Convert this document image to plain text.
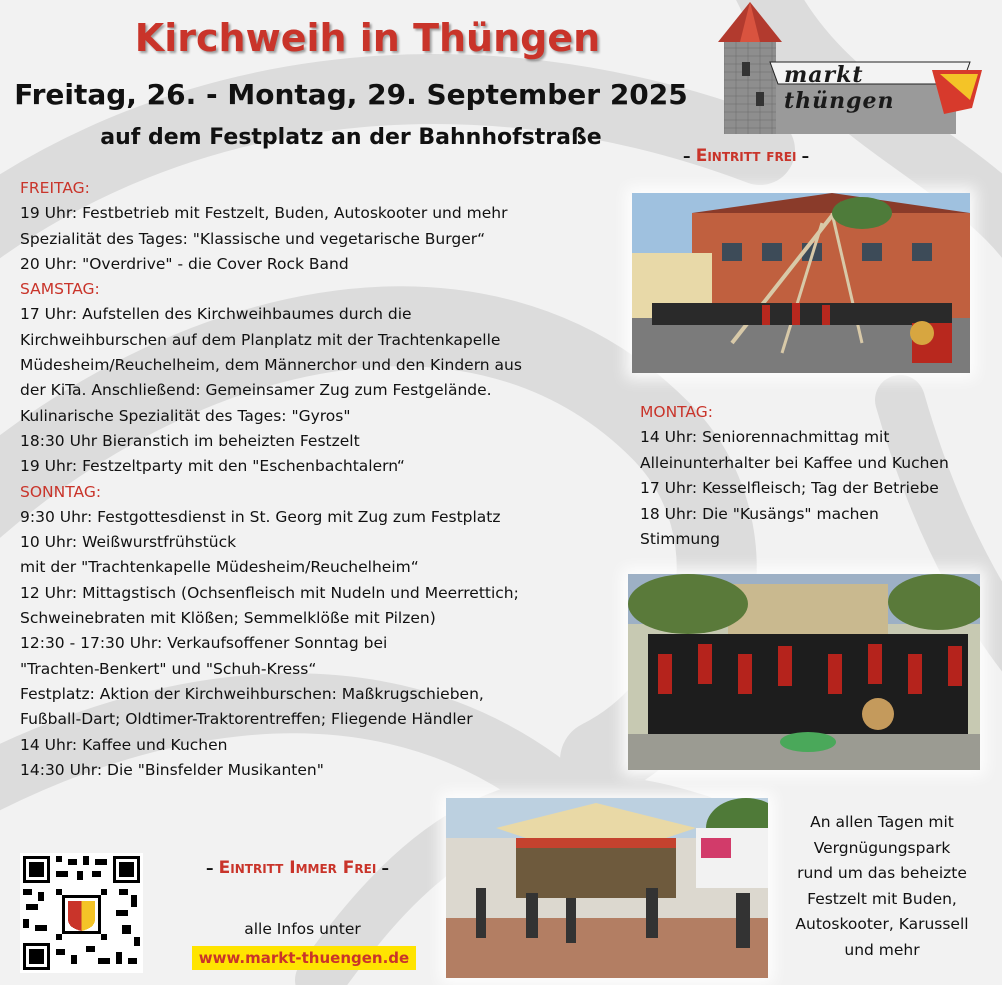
Kirchweih in Thüngen
Freitag, 26. - Montag, 29. September 2025
auf dem Festplatz an der Bahnhofstraße
markt thüngen
– Eintritt frei –
FREITAG:
19 Uhr: Festbetrieb mit Festzelt, Buden, Autoskooter und mehr
Spezialität des Tages: "Klassische und vegetarische Burger“
20 Uhr: "Overdrive" - die Cover Rock Band
SAMSTAG:
17 Uhr: Aufstellen des Kirchweihbaumes durch die
Kirchweihburschen auf dem Planplatz mit der Trachtenkapelle
Müdesheim/Reuchelheim, dem Männerchor und den Kindern aus
der KiTa. Anschließend: Gemeinsamer Zug zum Festgelände.
Kulinarische Spezialität des Tages: "Gyros"
18:30 Uhr Bieranstich im beheizten Festzelt
19 Uhr: Festzeltparty mit den "Eschenbachtalern“
SONNTAG:
9:30 Uhr: Festgottesdienst in St. Georg mit Zug zum Festplatz
10 Uhr: Weißwurstfrühstück
mit der "Trachtenkapelle Müdesheim/Reuchelheim“
12 Uhr: Mittagstisch (Ochsenfleisch mit Nudeln und Meerrettich;
Schweinebraten mit Klößen; Semmelklöße mit Pilzen)
12:30 - 17:30 Uhr: Verkaufsoffener Sonntag bei
"Trachten-Benkert" und "Schuh-Kress“
Festplatz: Aktion der Kirchweihburschen: Maßkrugschieben,
Fußball-Dart; Oldtimer-Traktorentreffen; Fliegende Händler
14 Uhr: Kaffee und Kuchen
14:30 Uhr: Die "Binsfelder Musikanten"
MONTAG:
14 Uhr: Seniorennachmittag mit
Alleinunterhalter bei Kaffee und Kuchen
17 Uhr: Kesselfleisch; Tag der Betriebe
18 Uhr: Die "Kusängs" machen
Stimmung
An allen Tagen mit
Vergnügungspark
rund um das beheizte
Festzelt mit Buden,
Autoskooter, Karussell
und mehr
– Eintritt Immer Frei –
alle Infos unter
www.markt-thuengen.de
